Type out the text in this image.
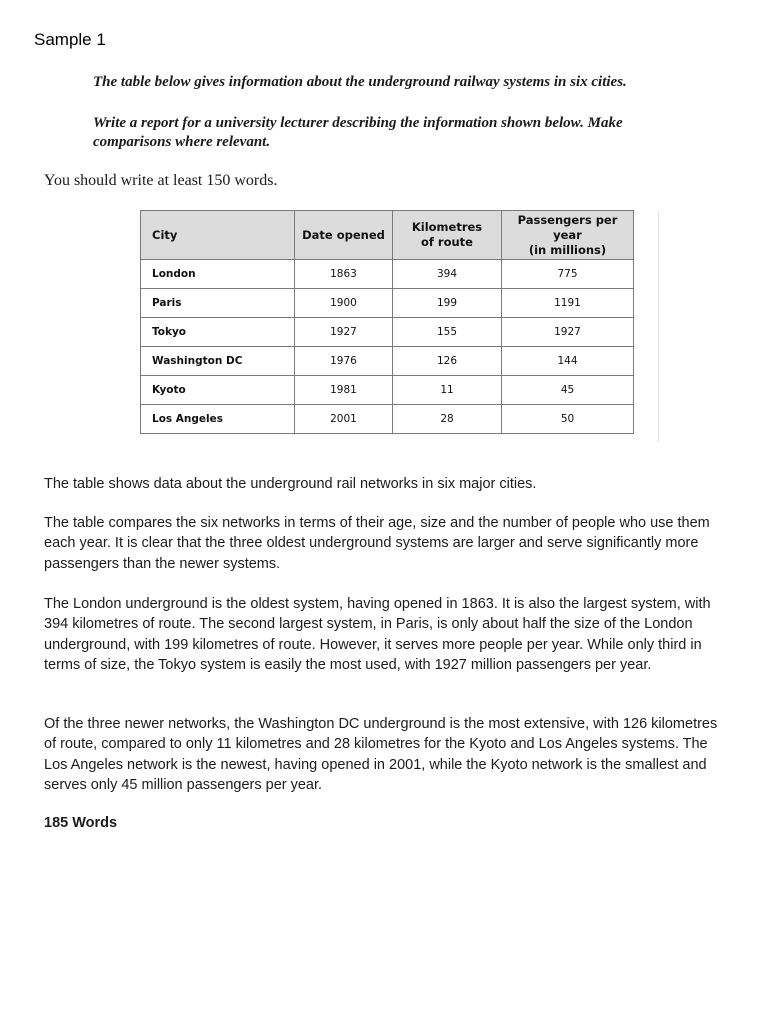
Sample 1

The table below gives information about the underground railway systems in six cities.

Write a report for a university lecturer describing the information shown below. Make comparisons where relevant.

You should write at least 150 words.

City	Date opened	Kilometres of route	Passengers per year
(in millions)

London	1863	394	775
Paris	1900	199	1191
Tokyo	1927	155	1927
Washington DC	1976	126	144
Kyoto	1981	11	45
Los Angeles	2001	28	50

The table shows data about the underground rail networks in six major cities.

The table compares the six networks in terms of their age, size and the number of people who use them each year. It is clear that the three oldest underground systems are larger and serve significantly more passengers than the newer systems.

The London underground is the oldest system, having opened in 1863. It is also the largest system, with 394 kilometres of route. The second largest system, in Paris, is only about half the size of the London underground, with 199 kilometres of route. However, it serves more people per year. While only third in terms of size, the Tokyo system is easily the most used, with 1927 million passengers per year.

Of the three newer networks, the Washington DC underground is the most extensive, with 126 kilometres of route, compared to only 11 kilometres and 28 kilometres for the Kyoto and Los Angeles systems. The Los Angeles network is the newest, having opened in 2001, while the Kyoto network is the smallest and serves only 45 million passengers per year.

185 Words
